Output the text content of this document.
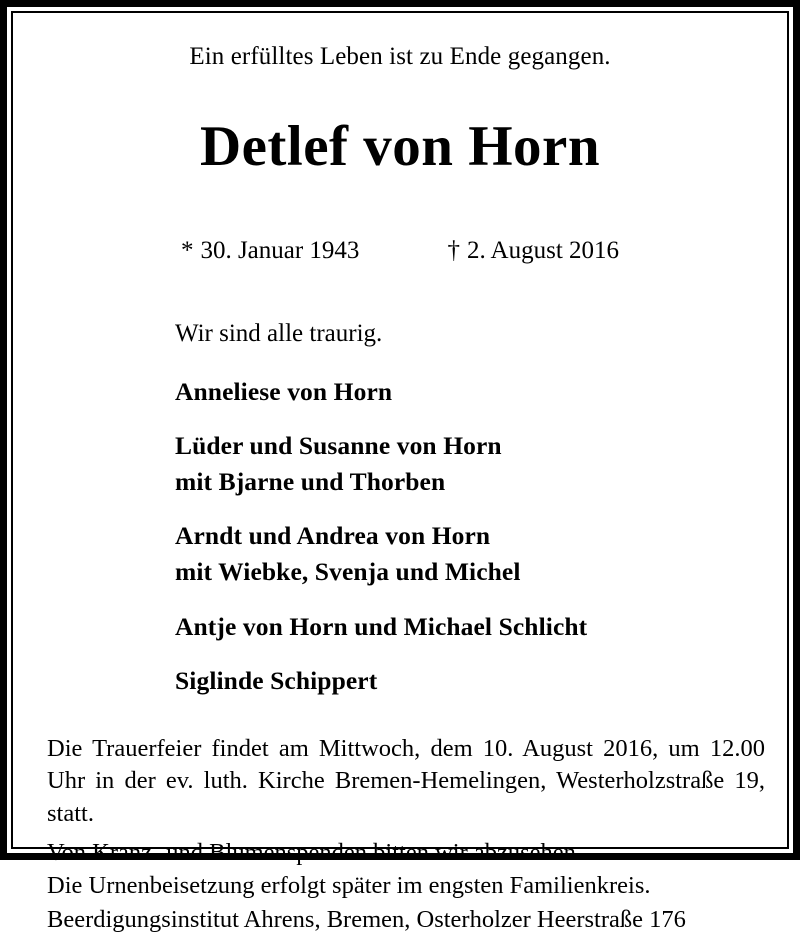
Ein erfülltes Leben ist zu Ende gegangen.
Detlef von Horn
* 30. Januar 1943	† 2. August 2016
Wir sind alle traurig.
Anneliese von Horn
Lüder und Susanne von Horn
mit Bjarne und Thorben
Arndt und Andrea von Horn
mit Wiebke, Svenja und Michel
Antje von Horn und Michael Schlicht
Siglinde Schippert

Die Trauerfeier findet am Mittwoch, dem 10. August 2016, um 12.00 Uhr in der ev. luth. Kirche Bremen-Hemelingen, Westerholzstraße 19, statt.

Von Kranz- und Blumenspenden bitten wir abzusehen.

Die Urnenbeisetzung erfolgt später im engsten Familienkreis.

Beerdigungsinstitut Ahrens, Bremen, Osterholzer Heerstraße 176
